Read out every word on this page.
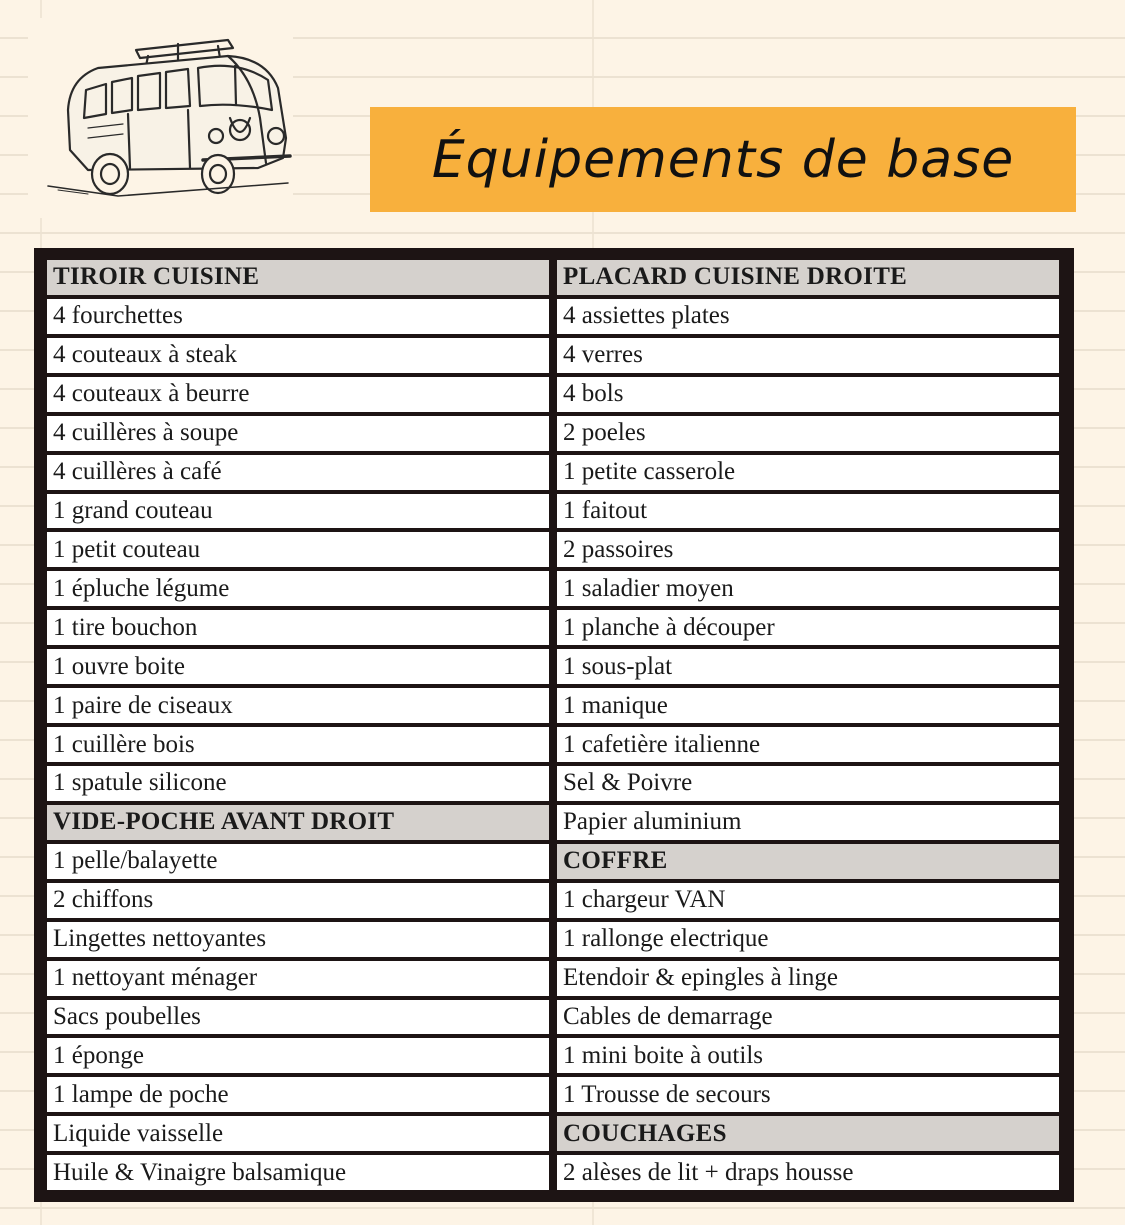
Équipements de base
TIROIR CUISINE
4 fourchettes
4 couteaux à steak
4 couteaux à beurre
4 cuillères à soupe
4 cuillères à café
1 grand couteau
1 petit couteau
1 épluche légume
1 tire bouchon
1 ouvre boite
1 paire de ciseaux
1 cuillère bois
1 spatule silicone
VIDE-POCHE AVANT DROIT
1 pelle/balayette
2 chiffons
Lingettes nettoyantes
1 nettoyant ménager
Sacs poubelles
1 éponge
1 lampe de poche
Liquide vaisselle
Huile & Vinaigre balsamique
PLACARD CUISINE DROITE
4 assiettes plates
4 verres
4 bols
2 poeles
1 petite casserole
1 faitout
2 passoires
1 saladier moyen
1 planche à découper
1 sous-plat
1 manique
1 cafetière italienne
Sel & Poivre
Papier aluminium
COFFRE
1 chargeur VAN
1 rallonge electrique
Etendoir & epingles à linge
Cables de demarrage
1 mini boite à outils
1 Trousse de secours
COUCHAGES
2 alèses de lit + draps housse
